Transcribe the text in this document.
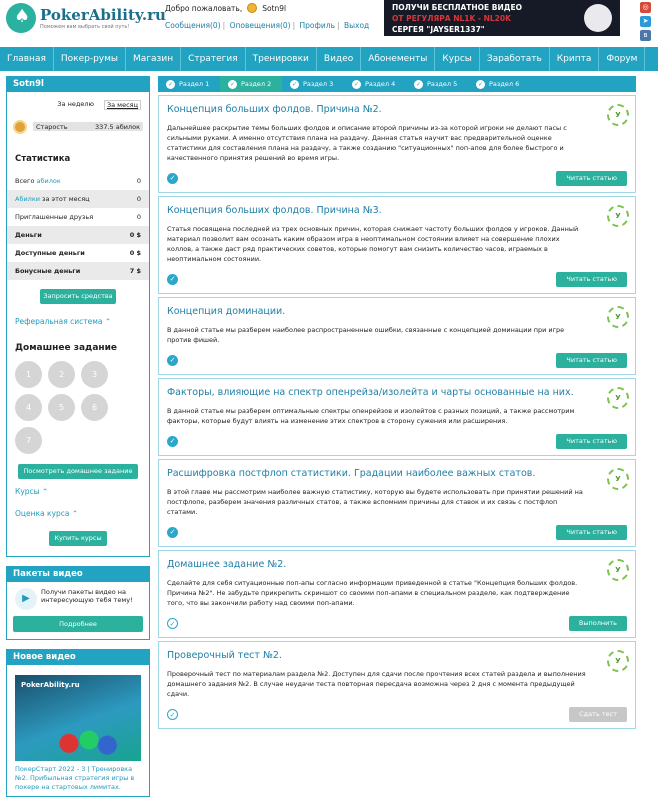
♠
PokerAbility.ru
Поможем вам выбрать свой путь!
Добро пожаловать,	Sotn9l
Сообщения(0) | Оповещения(0) | Профиль | Выход
ПОЛУЧИ БЕСПЛАТНОЕ ВИДЕО
ОТ РЕГУЛЯРА NL1K - NL20K
СЕРГЕЯ "JAYSER1337"
◎
➤
в
Главная	Покер-румы	Магазин	Стратегия	Тренировки	Видео	Абонементы	Курсы	Заработать	Крипта	Форум
Sotn9l
За неделю	За месяц
Старость	337.5 абилок
Статистика
Всего абилок	0
Абилки за этот месяц	0
Приглашенные друзья	0
Деньги	0 $
Доступные деньги	0 $
Бонусные деньги	7 $
Запросить средства
Реферальная система ⌃
Домашнее задание
1	2	3
4	5	6
7
Посмотреть домашнее задание
Курсы ⌃
Оценка курса ⌃
Купить курсы
Пакеты видео
▶
Получи пакеты видео на интересующую тебя тему!
Подробнее
Новое видео
PokerAbility.ru
ПокерСтарт 2022 - 3 | Тренировка №2. Прибыльная стратегия игры в покере на стартовых лимитах.
✓ Раздел 1	✓ Раздел 2	✓ Раздел 3	✓ Раздел 4	✓ Раздел 5	✓ Раздел 6
У
Концепция больших фолдов. Причина №2.
Дальнейшее раскрытие темы больших фолдов и описание второй причины из-за которой игроки не делают пасы с сильными руками. А именно отсутствия плана на раздачу. Данная статья научит вас предварительной оценке статистики для составления плана на раздачу, а также созданию "ситуационных" поп-апов для более быстрого и качественного принятия решений во время игры.
✓	Читать статью
У
Концепция больших фолдов. Причина №3.
Статья посвящена последней из трех основных причин, которая снижает частоту больших фолдов у игроков. Данный материал позволит вам осознать каким образом игра в неоптимальном состоянии влияет на совершение плохих коллов, а также даст ряд практических советов, которые помогут вам снизить количество часов, играемых в неоптимальном состоянии.
✓	Читать статью
У
Концепция доминации.
В данной статье мы разберем наиболее распространенные ошибки, связанные с концепцией доминации при игре против фишей.
✓	Читать статью
У
Факторы, влияющие на спектр опенрейза/изолейта и чарты основанные на них.
В данной статье мы разберем оптимальные спектры опенрейзов и изолейтов с разных позиций, а также рассмотрим факторы, которые будут влиять на изменение этих спектров в сторону сужения или расширения.
✓	Читать статью
У
Расшифровка постфлоп статистики. Градации наиболее важных статов.
В этой главе мы рассмотрим наиболее важную статистику, которую вы будете использовать при принятии решений на постфлопе, разберем значения различных статов, а также вспомним причины для ставок и их связь с постфлоп статами.
✓	Читать статью
У
Домашнее задание №2.
Сделайте для себя ситуационные поп-апы согласно информации приведенной в статье "Концепция больших фолдов. Причина №2". Не забудьте прикрепить скриншот со своими поп-апами в специальном разделе, как подтверждение того, что вы закончили работу над своими поп-апами.
✓	Выполнить
У
Проверочный тест №2.
Проверочный тест по материалам раздела №2. Доступен для сдачи после прочтения всех статей раздела и выполнения домашнего задания №2. В случае неудачи теста повторная пересдача возможна через 2 дня с момента предыдущей сдачи.
✓	Сдать тест
